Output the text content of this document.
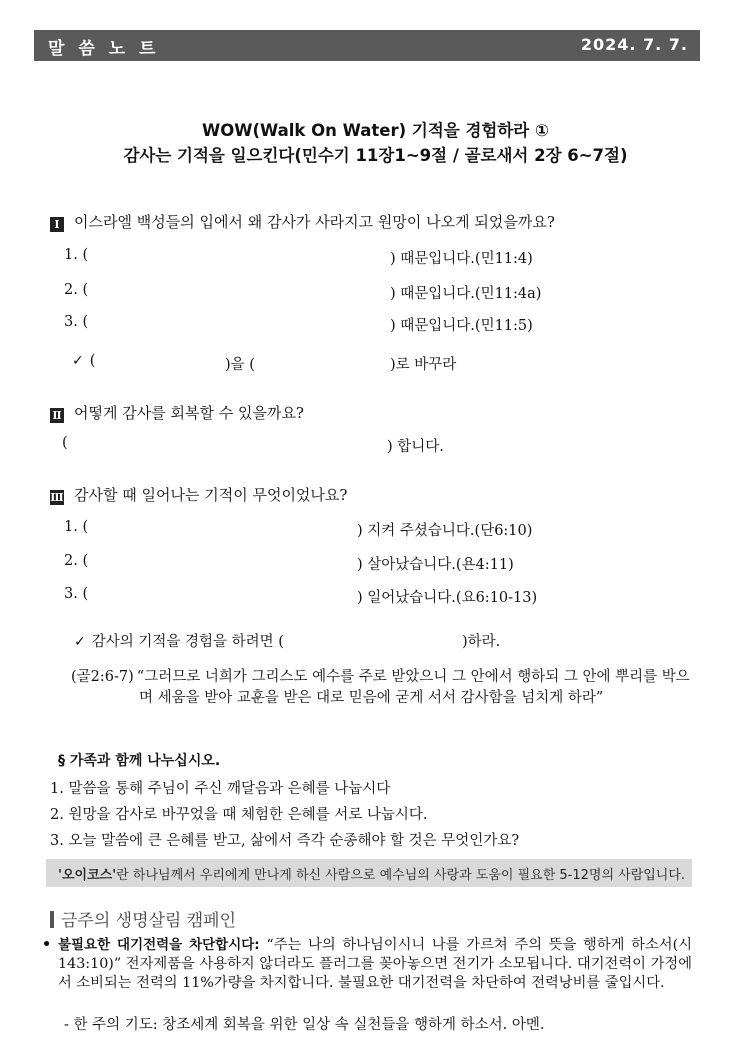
말 씀 노 트	2024. 7. 7.
WOW(Walk On Water) 기적을 경험하라 ①
감사는 기적을 일으킨다(민수기 11장1~9절 / 골로새서 2장 6~7절)
Ⅰ 이스라엘 백성들의 입에서 왜 감사가 사라지고 원망이 나오게 되었을까요?
1. (	) 때문입니다.(민11:4)
2. (	) 때문입니다.(민11:4a)
3. (	) 때문입니다.(민11:5)
✓ (	)을 (	)로 바꾸라
Ⅱ 어떻게 감사를 회복할 수 있을까요?
(	) 합니다.
Ⅲ 감사할 때 일어나는 기적이 무엇이었나요?
1. (	) 지켜 주셨습니다.(단6:10)
2. (	) 살아났습니다.(욘4:11)
3. (	) 일어났습니다.(요6:10-13)
✓ 감사의 기적을 경험을 하려면 (	)하라.
(골2:6-7) “그러므로 너희가 그리스도 예수를 주로 받았으니 그 안에서 행하되 그 안에 뿌리를 박으
며 세움을 받아 교훈을 받은 대로 믿음에 굳게 서서 감사함을 넘치게 하라”
§ 가족과 함께 나누십시오.
1. 말씀을 통해 주님이 주신 깨달음과 은혜를 나눕시다
2. 원망을 감사로 바꾸었을 때 체험한 은혜를 서로 나눕시다.
3. 오늘 말씀에 큰 은혜를 받고, 삶에서 즉각 순종해야 할 것은 무엇인가요?
'오이코스'란 하나님께서 우리에게 만나게 하신 사람으로 예수님의 사랑과 도움이 필요한 5-12명의 사람입니다.
금주의 생명살림 캠페인
• 불필요한 대기전력을 차단합시다: “주는 나의 하나님이시니 나를 가르쳐 주의 뜻을 행하게 하소서(시143:10)” 전자제품을 사용하지 않더라도 플러그를 꽂아놓으면 전기가 소모됩니다. 대기전력이 가정에서 소비되는 전력의 11%가량을 차지합니다. 불필요한 대기전력을 차단하여 전력낭비를 줄입시다.
- 한 주의 기도: 창조세계 회복을 위한 일상 속 실천들을 행하게 하소서. 아멘.
